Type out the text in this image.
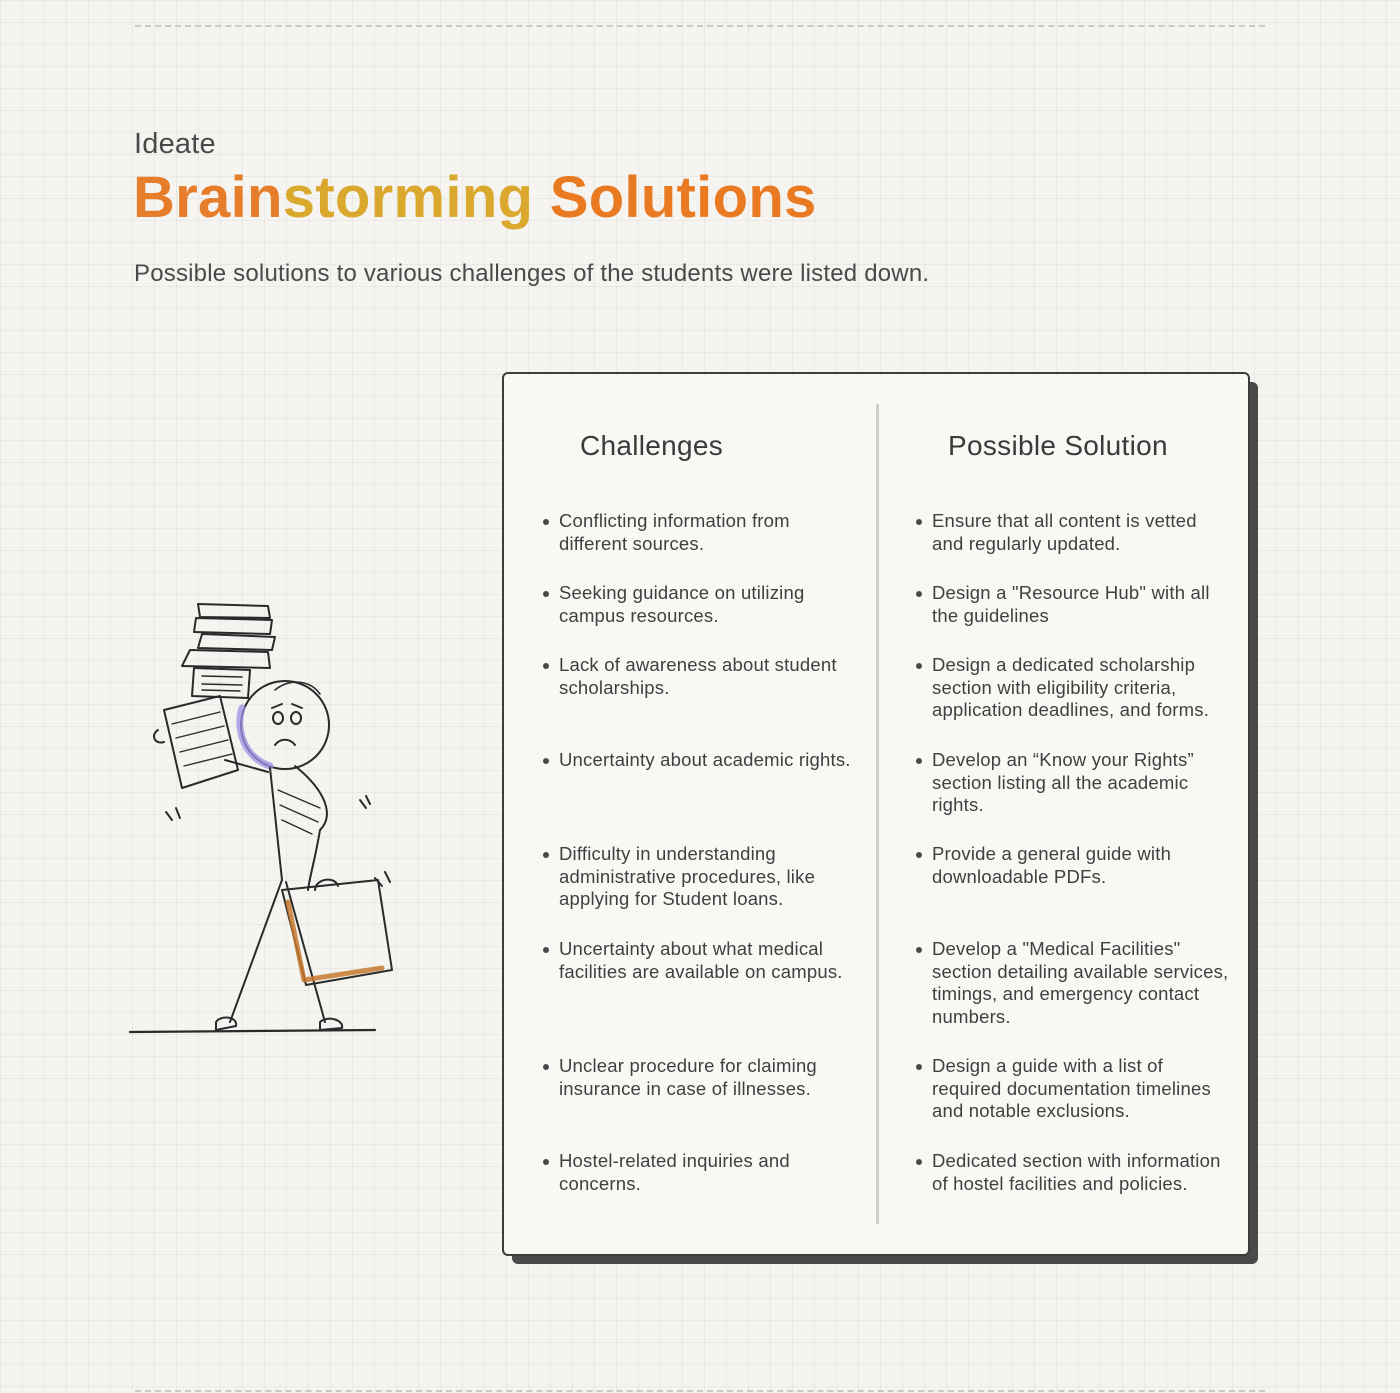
Ideate
Brainstorming Solutions
Possible solutions to various challenges of the students were listed down.
Challenges	Possible Solution
Conflicting information from different sources.
Seeking guidance on utilizing campus resources.
Lack of awareness about student scholarships.
Uncertainty about academic rights.
Difficulty in understanding administrative procedures, like applying for Student loans.
Uncertainty about what medical facilities are available on campus.
Unclear procedure for claiming insurance in case of illnesses.
Hostel-related inquiries and concerns.
Ensure that all content is vetted and regularly updated.
Design a "Resource Hub" with all the guidelines
Design a dedicated scholarship section with eligibility criteria, application deadlines, and forms.
Develop an “Know your Rights” section listing all the academic rights.
Provide a general guide with downloadable PDFs.
Develop a "Medical Facilities" section detailing available services, timings, and emergency contact numbers.
Design a guide with a list of required documentation timelines and notable exclusions.
Dedicated section with information of hostel facilities and policies.
